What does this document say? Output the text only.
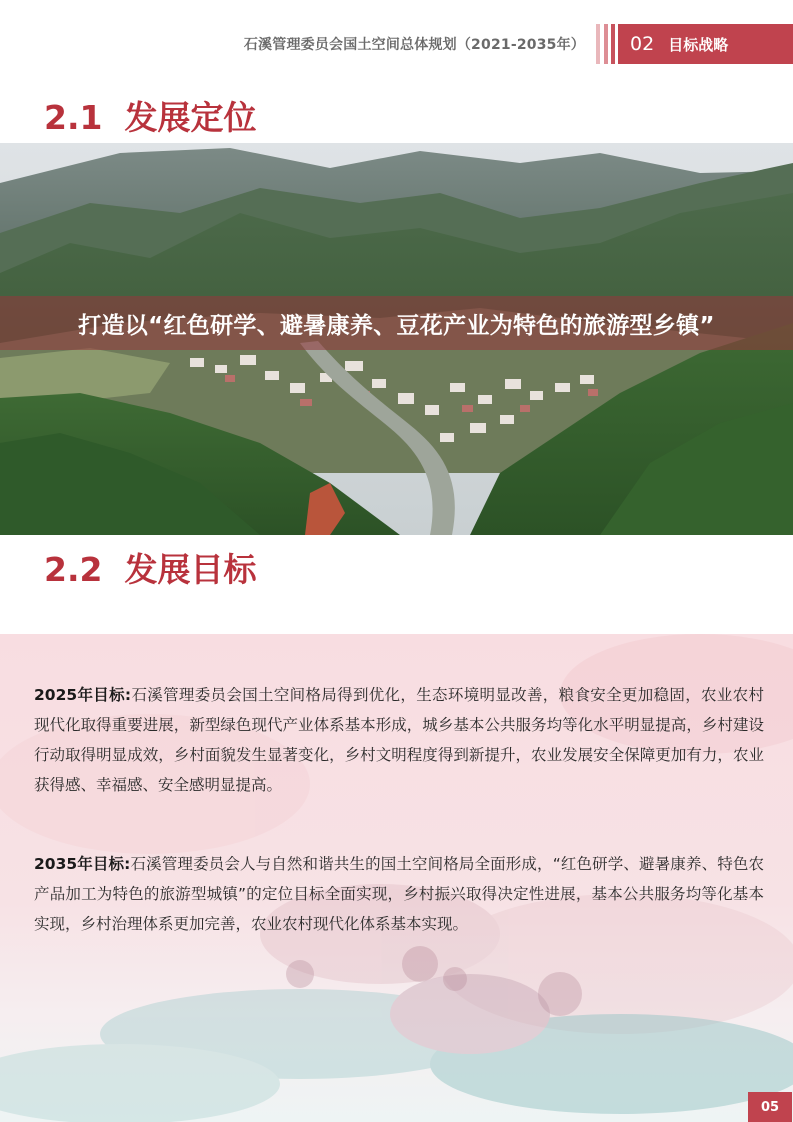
石溪管理委员会国土空间总体规划（2021-2035年） 02 目标战略
2.1 发展定位
打造以“红色研学、避暑康养、豆花产业为特色的旅游型乡镇”
2.2 发展目标
2025年目标:石溪管理委员会国土空间格局得到优化，生态环境明显改善，粮食安全更加稳固，农业农村现代化取得重要进展，新型绿色现代产业体系基本形成，城乡基本公共服务均等化水平明显提高，乡村建设行动取得明显成效，乡村面貌发生显著变化，乡村文明程度得到新提升，农业发展安全保障更加有力，农业获得感、幸福感、安全感明显提高。
2035年目标:石溪管理委员会人与自然和谐共生的国土空间格局全面形成，“红色研学、避暑康养、特色农产品加工为特色的旅游型城镇”的定位目标全面实现，乡村振兴取得决定性进展，基本公共服务均等化基本实现，乡村治理体系更加完善，农业农村现代化体系基本实现。
05
